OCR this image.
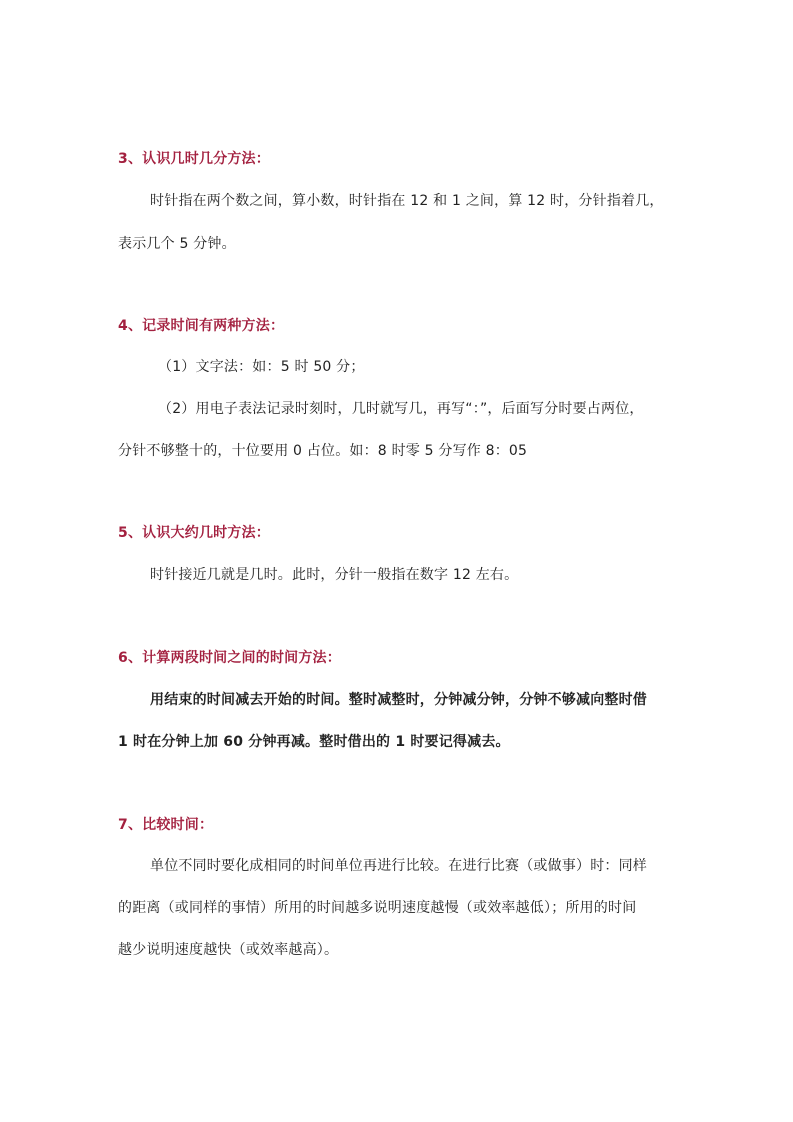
3、认识几时几分方法：
时针指在两个数之间，算小数，时针指在 12 和 1 之间，算 12 时，分针指着几，
表示几个 5 分钟。
4、记录时间有两种方法：
（1）文字法：如：5 时 50 分；
（2）用电子表法记录时刻时，几时就写几，再写“：”，后面写分时要占两位，
分针不够整十的，十位要用 0 占位。如：8 时零 5 分写作 8：05
5、认识大约几时方法：
时针接近几就是几时。此时，分针一般指在数字 12 左右。
6、计算两段时间之间的时间方法：
用结束的时间减去开始的时间。整时减整时，分钟减分钟，分钟不够减向整时借
1 时在分钟上加 60 分钟再减。整时借出的 1 时要记得减去。
7、比较时间：
单位不同时要化成相同的时间单位再进行比较。在进行比赛（或做事）时：同样
的距离（或同样的事情）所用的时间越多说明速度越慢（或效率越低）；所用的时间
越少说明速度越快（或效率越高）。
